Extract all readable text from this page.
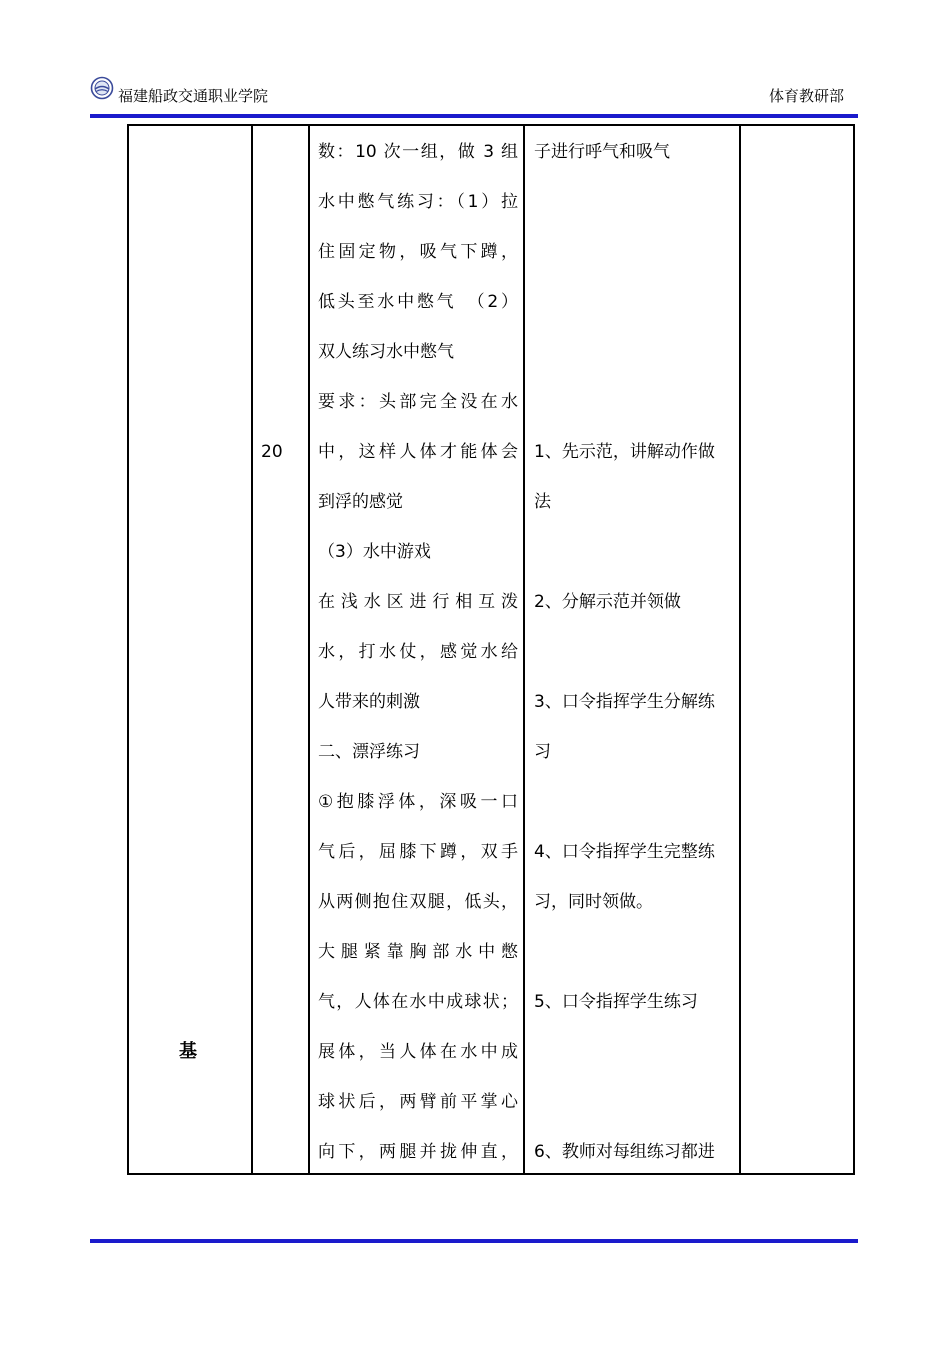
福建船政交通职业学院	体育教研部
基
20
数：10 次一组，做 3 组
水中憋气练习：（1）拉
住固定物，吸气下蹲，
低头至水中憋气　（2）
双人练习水中憋气
要求：头部完全没在水
中，这样人体才能体会
到浮的感觉
（3）水中游戏
在浅水区进行相互泼
水，打水仗，感觉水给
人带来的刺激
二、漂浮练习
①抱膝浮体，深吸一口
气后，屈膝下蹲，双手
从两侧抱住双腿，低头，
大腿紧靠胸部水中憋
气，人体在水中成球状；
展体，当人体在水中成
球状后，两臂前平掌心
向下，两腿并拢伸直，
子进行呼气和吸气
1、先示范，讲解动作做
法
2、分解示范并领做
3、口令指挥学生分解练
习
4、口令指挥学生完整练
习，同时领做。
5、口令指挥学生练习
6、教师对每组练习都进
